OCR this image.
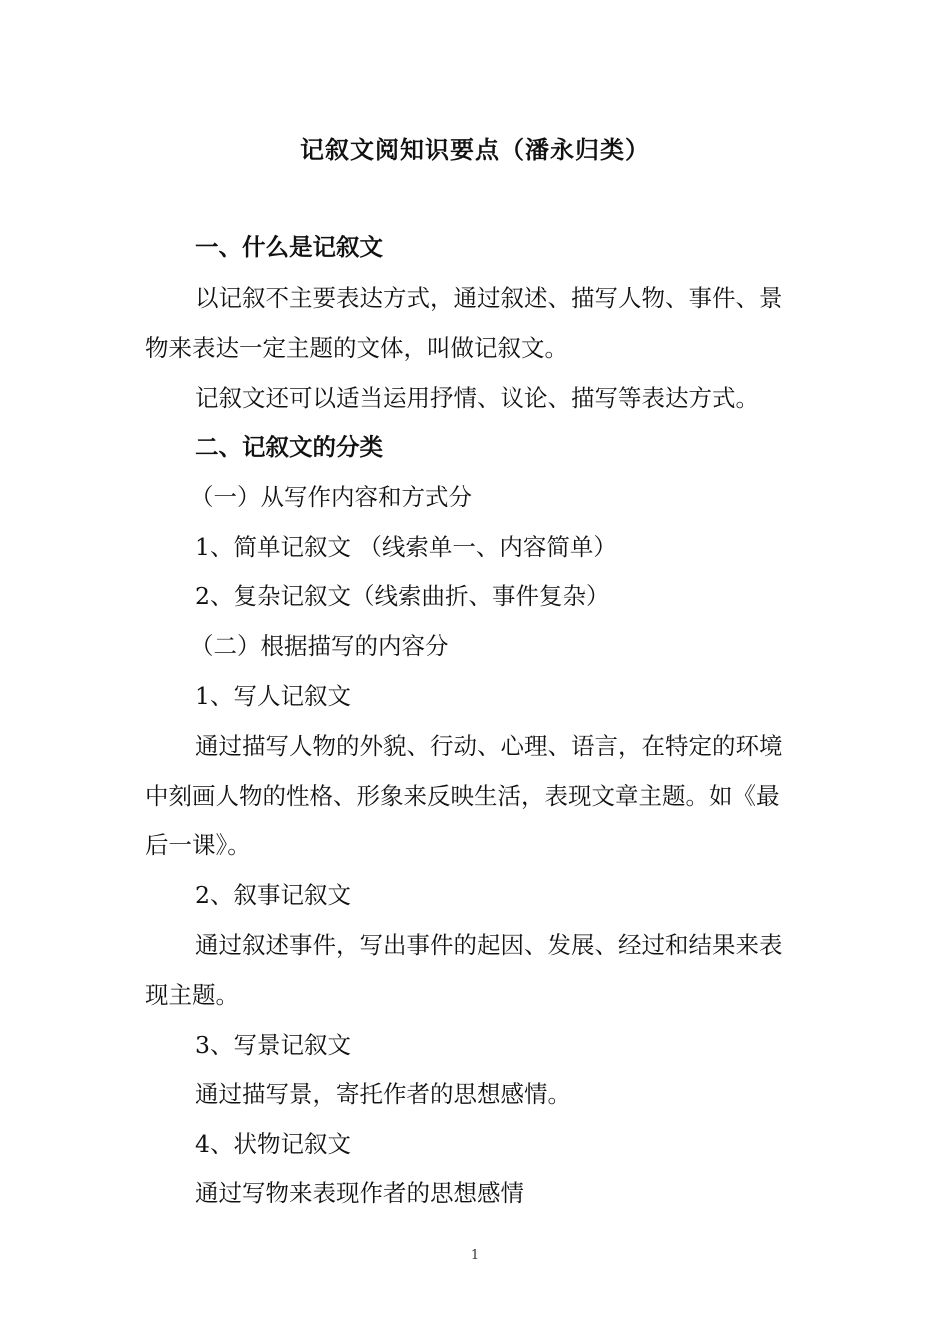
记叙文阅知识要点（潘永归类）
一、什么是记叙文
以记叙不主要表达方式，通过叙述、描写人物、事件、景
物来表达一定主题的文体，叫做记叙文。
记叙文还可以适当运用抒情、议论、描写等表达方式。
二、记叙文的分类
（一）从写作内容和方式分
1、简单记叙文 （线索单一、内容简单）
2、复杂记叙文（线索曲折、事件复杂）
（二）根据描写的内容分
1、写人记叙文
通过描写人物的外貌、行动、心理、语言，在特定的环境
中刻画人物的性格、形象来反映生活，表现文章主题。如《最
后一课》。
2、叙事记叙文
通过叙述事件，写出事件的起因、发展、经过和结果来表
现主题。
3、写景记叙文
通过描写景，寄托作者的思想感情。
4、状物记叙文
通过写物来表现作者的思想感情
1
